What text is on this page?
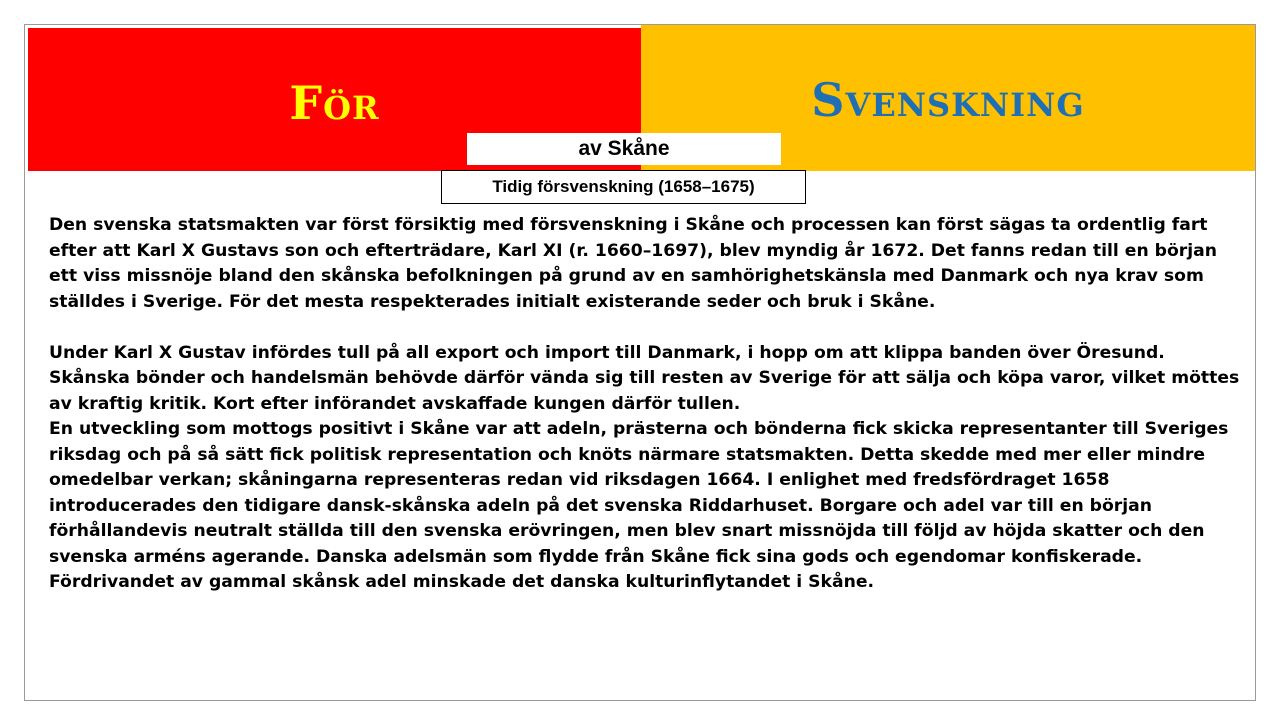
För	Svenskning
av Skåne
Tidig försvenskning (1658–1675)

Den svenska statsmakten var först försiktig med försvenskning i Skåne och processen kan först sägas ta ordentlig fart efter att Karl X Gustavs son och efterträdare, Karl XI (r. 1660–1697), blev myndig år 1672. Det fanns redan till en början ett viss missnöje bland den skånska befolkningen på grund av en samhörighetskänsla med Danmark och nya krav som ställdes i Sverige. För det mesta respekterades initialt existerande seder och bruk i Skåne.

Under Karl X Gustav infördes tull på all export och import till Danmark, i hopp om att klippa banden över Öresund. Skånska bönder och handelsmän behövde därför vända sig till resten av Sverige för att sälja och köpa varor, vilket möttes av kraftig kritik. Kort efter införandet avskaffade kungen därför tullen.

En utveckling som mottogs positivt i Skåne var att adeln, prästerna och bönderna fick skicka representanter till Sveriges riksdag och på så sätt fick politisk representation och knöts närmare statsmakten. Detta skedde med mer eller mindre omedelbar verkan; skåningarna representeras redan vid riksdagen 1664. I enlighet med fredsfördraget 1658 introducerades den tidigare dansk-skånska adeln på det svenska Riddarhuset. Borgare och adel var till en början förhållandevis neutralt ställda till den svenska erövringen, men blev snart missnöjda till följd av höjda skatter och den svenska arméns agerande. Danska adelsmän som flydde från Skåne fick sina gods och egendomar konfiskerade. Fördrivandet av gammal skånsk adel minskade det danska kulturinflytandet i Skåne.
